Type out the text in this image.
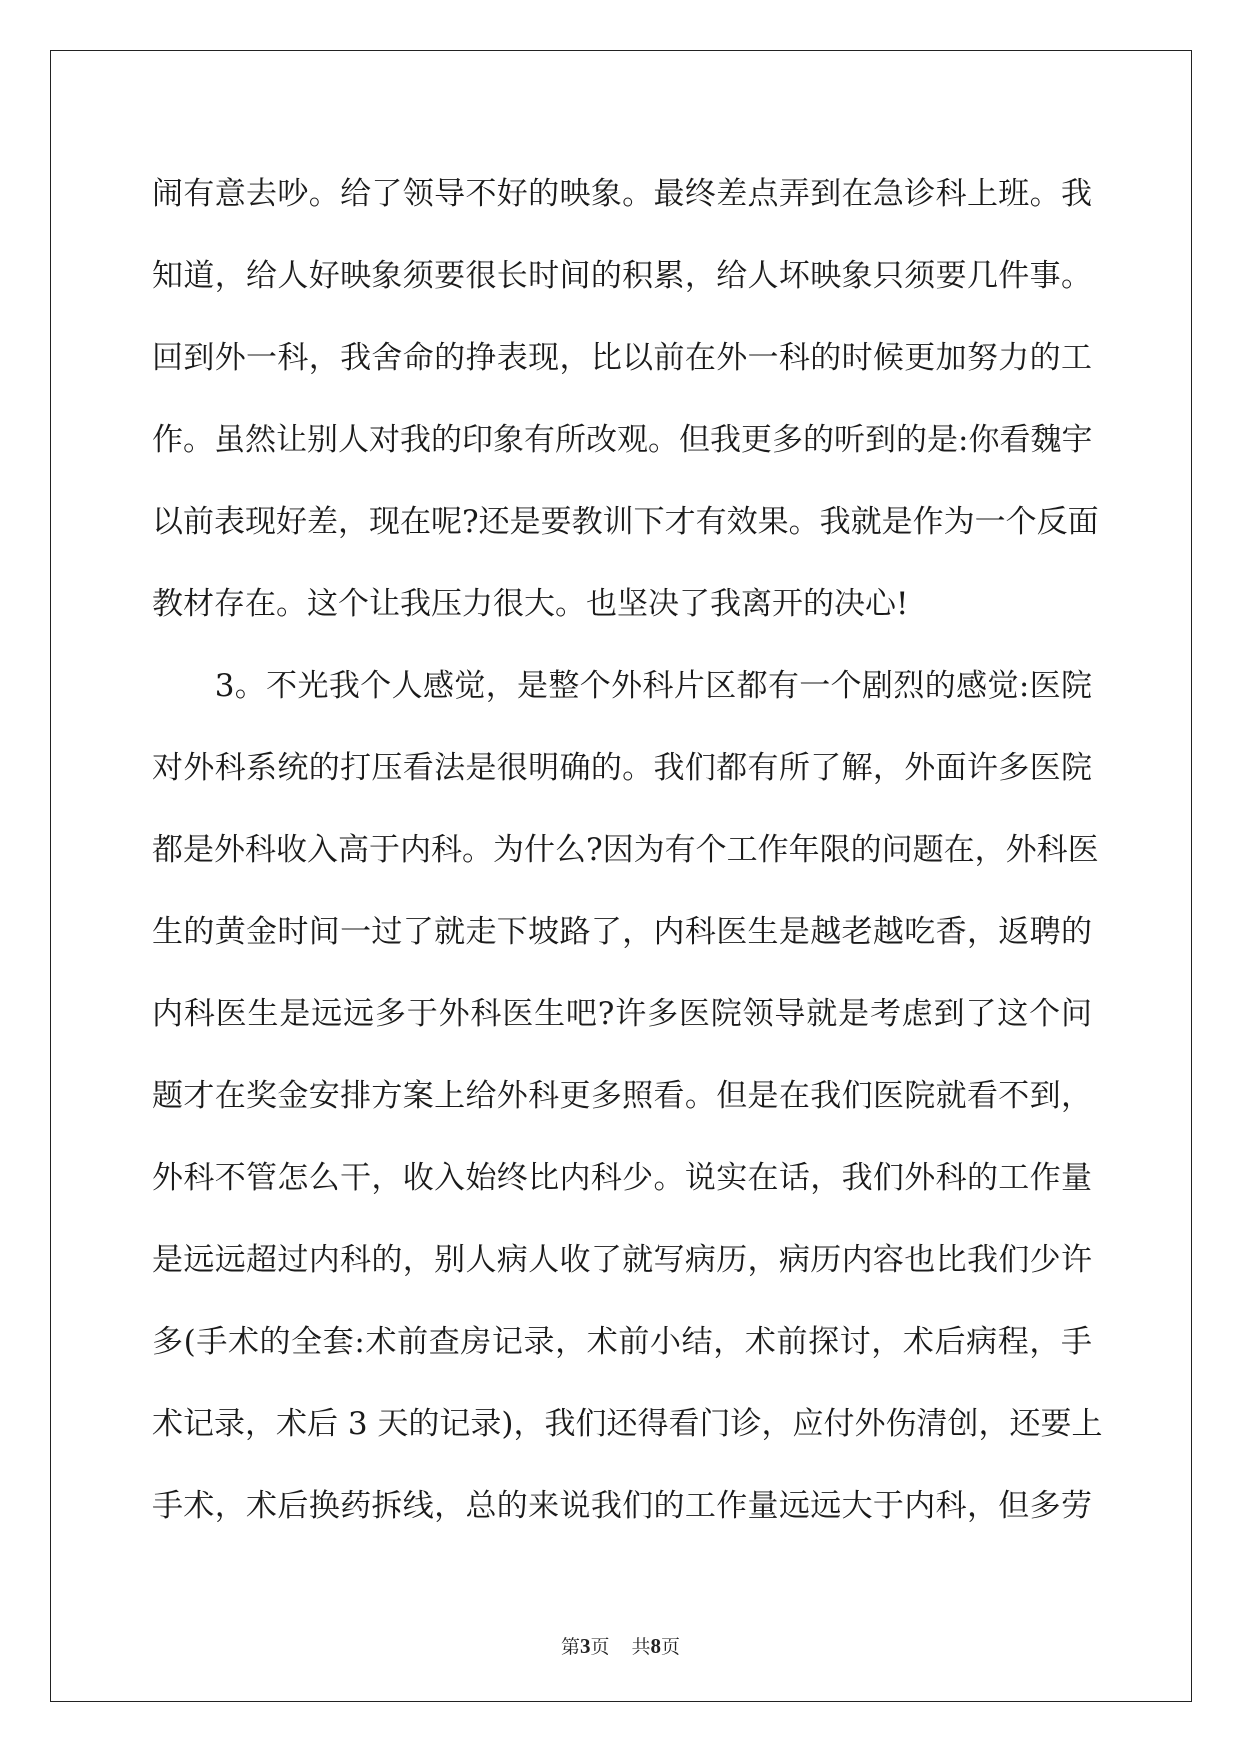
闹有意去吵。给了领导不好的映象。最终差点弄到在急诊科上班。我
知道，给人好映象须要很长时间的积累，给人坏映象只须要几件事。
回到外一科，我舍命的挣表现，比以前在外一科的时候更加努力的工
作。虽然让别人对我的印象有所改观。但我更多的听到的是:你看魏宇
以前表现好差，现在呢?还是要教训下才有效果。我就是作为一个反面
教材存在。这个让我压力很大。也坚决了我离开的决心!
　　3。不光我个人感觉，是整个外科片区都有一个剧烈的感觉:医院
对外科系统的打压看法是很明确的。我们都有所了解，外面许多医院
都是外科收入高于内科。为什么?因为有个工作年限的问题在，外科医
生的黄金时间一过了就走下坡路了，内科医生是越老越吃香，返聘的
内科医生是远远多于外科医生吧?许多医院领导就是考虑到了这个问
题才在奖金安排方案上给外科更多照看。但是在我们医院就看不到，
外科不管怎么干，收入始终比内科少。说实在话，我们外科的工作量
是远远超过内科的，别人病人收了就写病历，病历内容也比我们少许
多(手术的全套:术前查房记录，术前小结，术前探讨，术后病程，手
术记录，术后 3 天的记录)，我们还得看门诊，应付外伤清创，还要上
手术，术后换药拆线，总的来说我们的工作量远远大于内科，但多劳
第3页 共8页
